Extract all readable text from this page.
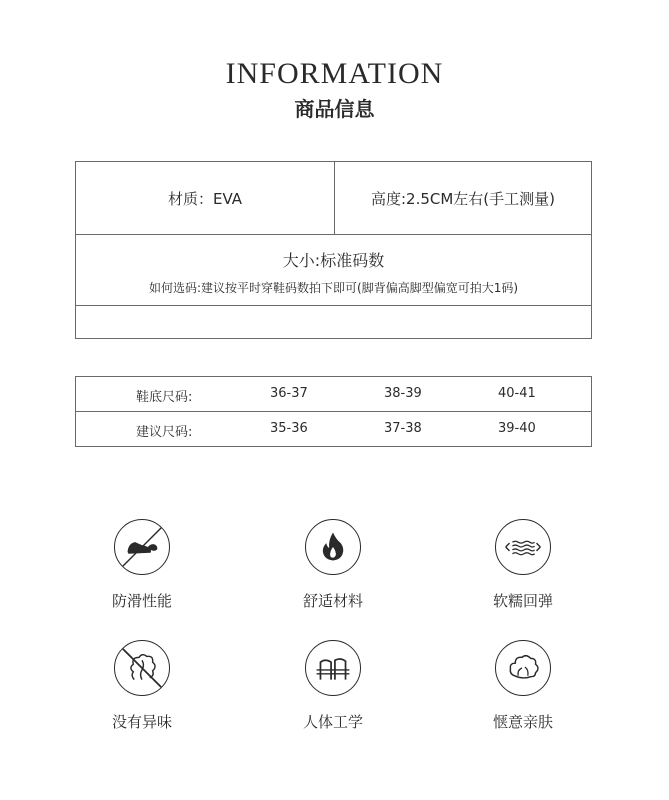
INFORMATION
商品信息
材质：EVA	高度:2.5CM左右(手工测量)
大小:标准码数
如何选码:建议按平时穿鞋码数拍下即可(脚背偏高脚型偏宽可拍大1码)
鞋底尺码:	36-37	38-39	40-41
建议尺码:	35-36	37-38	39-40
防滑性能	舒适材料	软糯回弹
没有异味	人体工学	惬意亲肤
